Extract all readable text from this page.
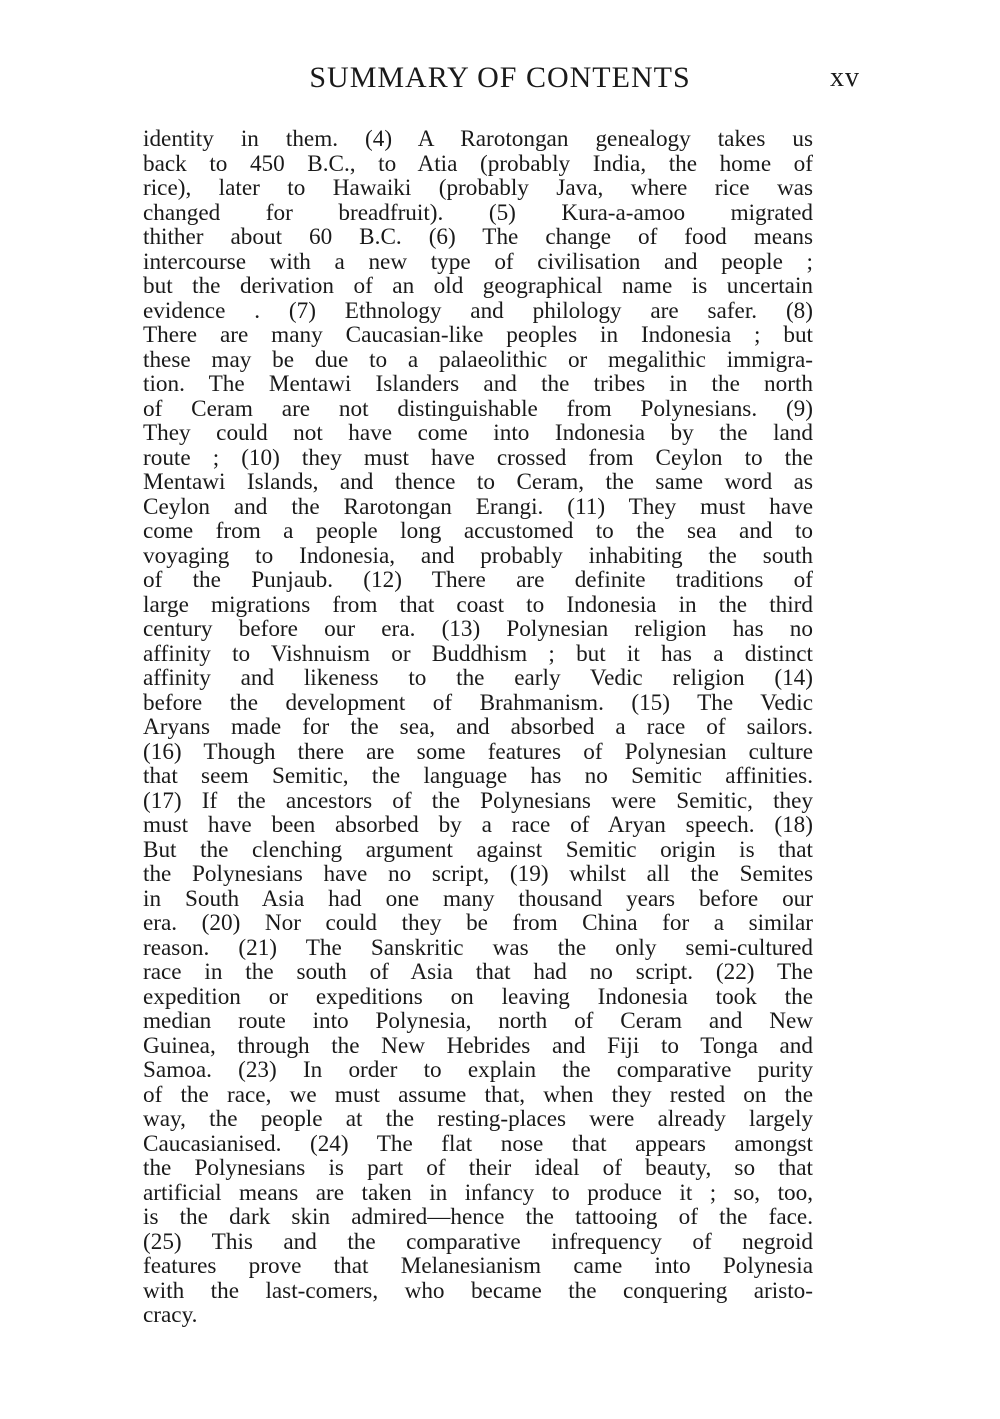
SUMMARY OF CONTENTS	xv
identity in them. (4) A Rarotongan genealogy takes us
back to 450 B.C., to Atia (probably India, the home of
rice), later to Hawaiki (probably Java, where rice was
changed for breadfruit). (5) Kura-a-amoo migrated
thither about 60 B.C. (6) The change of food means
intercourse with a new type of civilisation and people ;
but the derivation of an old geographical name is uncertain
evidence . (7) Ethnology and philology are safer. (8)
There are many Caucasian-like peoples in Indonesia ; but
these may be due to a palaeolithic or megalithic immigra-
tion. The Mentawi Islanders and the tribes in the north
of Ceram are not distinguishable from Polynesians. (9)
They could not have come into Indonesia by the land
route ; (10) they must have crossed from Ceylon to the
Mentawi Islands, and thence to Ceram, the same word as
Ceylon and the Rarotongan Erangi. (11) They must have
come from a people long accustomed to the sea and to
voyaging to Indonesia, and probably inhabiting the south
of the Punjaub. (12) There are definite traditions of
large migrations from that coast to Indonesia in the third
century before our era. (13) Polynesian religion has no
affinity to Vishnuism or Buddhism ; but it has a distinct
affinity and likeness to the early Vedic religion (14)
before the development of Brahmanism. (15) The Vedic
Aryans made for the sea, and absorbed a race of sailors.
(16) Though there are some features of Polynesian culture
that seem Semitic, the language has no Semitic affinities.
(17) If the ancestors of the Polynesians were Semitic, they
must have been absorbed by a race of Aryan speech. (18)
But the clenching argument against Semitic origin is that
the Polynesians have no script, (19) whilst all the Semites
in South Asia had one many thousand years before our
era. (20) Nor could they be from China for a similar
reason. (21) The Sanskritic was the only semi-cultured
race in the south of Asia that had no script. (22) The
expedition or expeditions on leaving Indonesia took the
median route into Polynesia, north of Ceram and New
Guinea, through the New Hebrides and Fiji to Tonga and
Samoa. (23) In order to explain the comparative purity
of the race, we must assume that, when they rested on the
way, the people at the resting-places were already largely
Caucasianised. (24) The flat nose that appears amongst
the Polynesians is part of their ideal of beauty, so that
artificial means are taken in infancy to produce it ; so, too,
is the dark skin admired—hence the tattooing of the face.
(25) This and the comparative infrequency of negroid
features prove that Melanesianism came into Polynesia
with the last-comers, who became the conquering aristo-
cracy.
